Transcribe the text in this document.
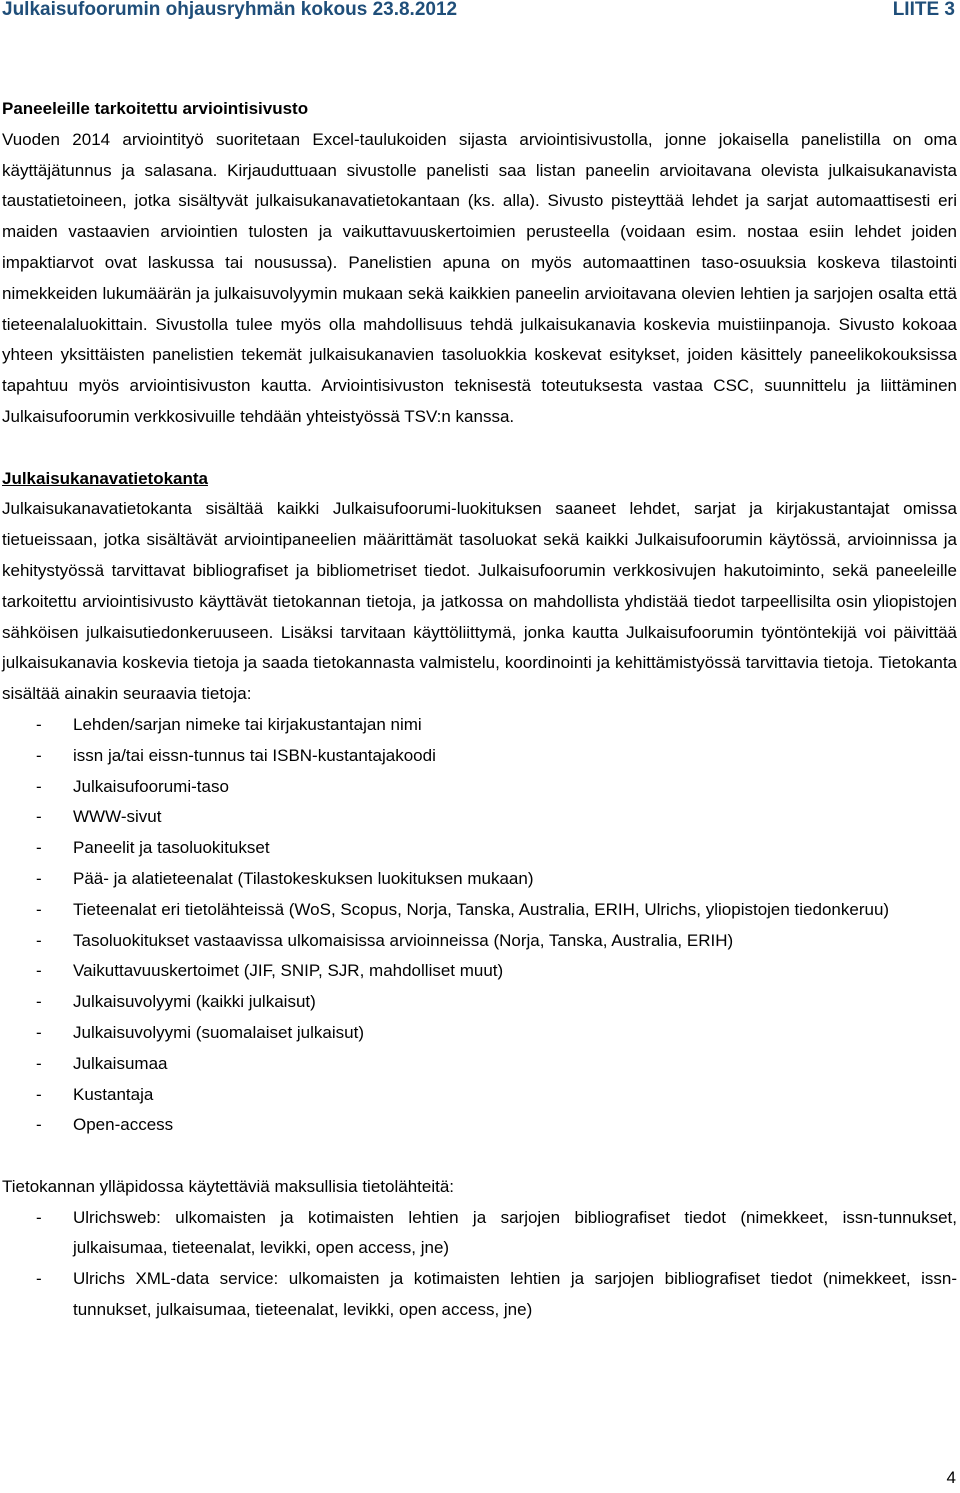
Julkaisufoorumin ohjausryhmän kokous 23.8.2012	LIITE 3

Paneeleille tarkoitettu arviointisivusto

Vuoden 2014 arviointityö suoritetaan Excel-taulukoiden sijasta arviointisivustolla, jonne jokaisella panelistilla on oma käyttäjätunnus ja salasana. Kirjauduttuaan sivustolle panelisti saa listan paneelin arvioitavana olevista julkaisukanavista taustatietoineen, jotka sisältyvät julkaisukanavatietokantaan (ks. alla). Sivusto pisteyttää lehdet ja sarjat automaattisesti eri maiden vastaavien arviointien tulosten ja vaikuttavuuskertoimien perusteella (voidaan esim. nostaa esiin lehdet joiden impaktiarvot ovat laskussa tai nousussa). Panelistien apuna on myös automaattinen taso-osuuksia koskeva tilastointi nimekkeiden lukumäärän ja julkaisuvolyymin mukaan sekä kaikkien paneelin arvioitavana olevien lehtien ja sarjojen osalta että tieteenalaluokittain. Sivustolla tulee myös olla mahdollisuus tehdä julkaisukanavia koskevia muistiinpanoja. Sivusto kokoaa yhteen yksittäisten panelistien tekemät julkaisukanavien tasoluokkia koskevat esitykset, joiden käsittely paneelikokouksissa tapahtuu myös arviointisivuston kautta. Arviointisivuston teknisestä toteutuksesta vastaa CSC, suunnittelu ja liittäminen Julkaisufoorumin verkkosivuille tehdään yhteistyössä TSV:n kanssa.

Julkaisukanavatietokanta

Julkaisukanavatietokanta sisältää kaikki Julkaisufoorumi-luokituksen saaneet lehdet, sarjat ja kirjakustantajat omissa tietueissaan, jotka sisältävät arviointipaneelien määrittämät tasoluokat sekä kaikki Julkaisufoorumin käytössä, arvioinnissa ja kehitystyössä tarvittavat bibliografiset ja bibliometriset tiedot. Julkaisufoorumin verkkosivujen hakutoiminto, sekä paneeleille tarkoitettu arviointisivusto käyttävät tietokannan tietoja, ja jatkossa on mahdollista yhdistää tiedot tarpeellisilta osin yliopistojen sähköisen julkaisutiedonkeruuseen. Lisäksi tarvitaan käyttöliittymä, jonka kautta Julkaisufoorumin työntöntekijä voi päivittää julkaisukanavia koskevia tietoja ja saada tietokannasta valmistelu, koordinointi ja kehittämistyössä tarvittavia tietoja. Tietokanta sisältää ainakin seuraavia tietoja:

- Lehden/sarjan nimeke tai kirjakustantajan nimi
- issn ja/tai eissn-tunnus tai ISBN-kustantajakoodi
- Julkaisufoorumi-taso
- WWW-sivut
- Paneelit ja tasoluokitukset
- Pää- ja alatieteenalat (Tilastokeskuksen luokituksen mukaan)
- Tieteenalat eri tietolähteissä (WoS, Scopus, Norja, Tanska, Australia, ERIH, Ulrichs, yliopistojen tiedonkeruu)
- Tasoluokitukset vastaavissa ulkomaisissa arvioinneissa (Norja, Tanska, Australia, ERIH)
- Vaikuttavuuskertoimet (JIF, SNIP, SJR, mahdolliset muut)
- Julkaisuvolyymi (kaikki julkaisut)
- Julkaisuvolyymi (suomalaiset julkaisut)
- Julkaisumaa
- Kustantaja
- Open-access

Tietokannan ylläpidossa käytettäviä maksullisia tietolähteitä:

- Ulrichsweb: ulkomaisten ja kotimaisten lehtien ja sarjojen bibliografiset tiedot (nimekkeet, issn-tunnukset, julkaisumaa, tieteenalat, levikki, open access, jne)
- Ulrichs XML-data service: ulkomaisten ja kotimaisten lehtien ja sarjojen bibliografiset tiedot (nimekkeet, issn-tunnukset, julkaisumaa, tieteenalat, levikki, open access, jne)
4
